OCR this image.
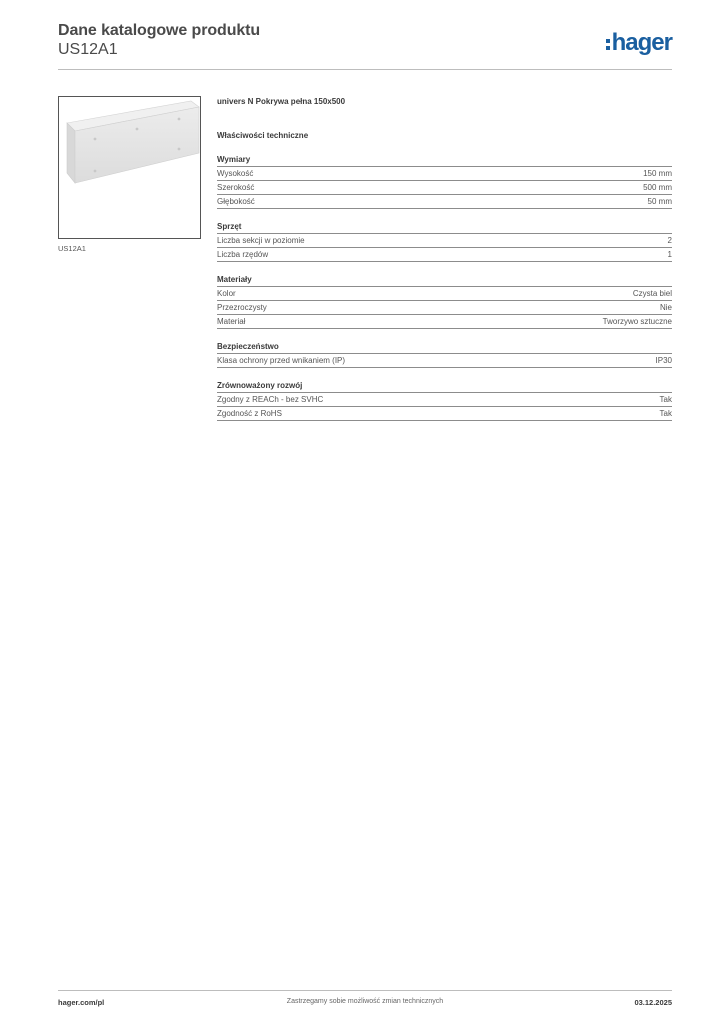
Dane katalogowe produktu
US12A1	hager
US12A1
univers N Pokrywa pełna 150x500
Właściwości techniczne
Wymiary
Wysokość	150 mm
Szerokość	500 mm
Głębokość	50 mm
Sprzęt
Liczba sekcji w poziomie	2
Liczba rzędów	1
Materiały
Kolor	Czysta biel
Przezroczysty	Nie
Materiał	Tworzywo sztuczne
Bezpieczeństwo
Klasa ochrony przed wnikaniem (IP)	IP30
Zrównoważony rozwój
Zgodny z REACh - bez SVHC	Tak
Zgodność z RoHS	Tak
hager.com/pl	Zastrzegamy sobie możliwość zmian technicznych	03.12.2025
